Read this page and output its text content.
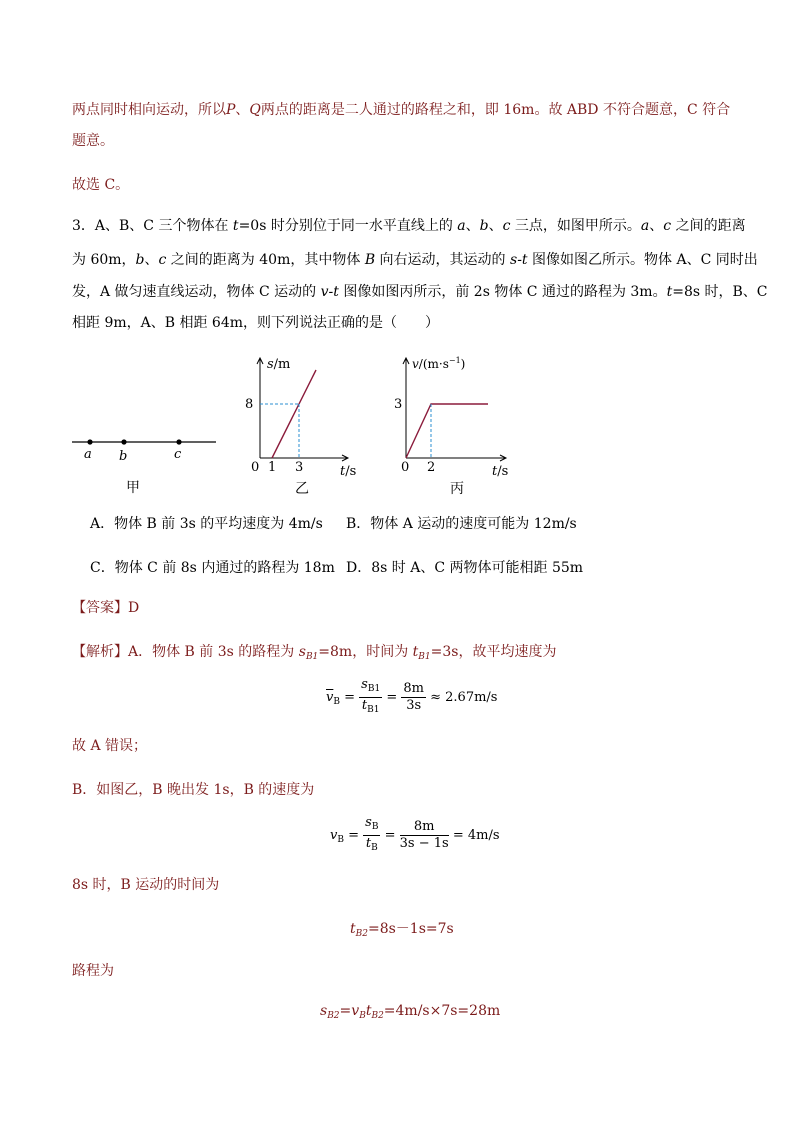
两点同时相向运动，所以P、Q两点的距离是二人通过的路程之和，即 16m。故 ABD 不符合题意，C 符合
题意。
故选 C。
3．A、B、C 三个物体在 t=0s 时分别位于同一水平直线上的 a、b、c 三点，如图甲所示。a、c 之间的距离
为 60m，b、c 之间的距离为 40m，其中物体 B 向右运动，其运动的 s-t 图像如图乙所示。物体 A、C 同时出
发，A 做匀速直线运动，物体 C 运动的 v-t 图像如图丙所示，前 2s 物体 C 通过的路程为 3m。t=8s 时，B、C
相距 9m，A、B 相距 64m，则下列说法正确的是（　　）
a b	c
甲
s/m
8
0 1 3	t/s
乙
$v/(m\cdot s^{-1})$
3
0 2	t/s
丙
A．物体 B 前 3s 的平均速度为 4m/s B．物体 A 运动的速度可能为 12m/s
C．物体 C 前 8s 内通过的路程为 18m D．8s 时 A、C 两物体可能相距 55m
【答案】D
【解析】A．物体 B 前 3s 的路程为 $s_{B1}=8m$，时间为 $t_{B1}=3s$，故平均速度为
$\overline{v}_B = \frac{s_{B1}}{t_{B1}} = \frac{8m}{3s} \approx 2.67m/s$
故 A 错误；
B．如图乙，B 晚出发 1s，B 的速度为
$v_B = \frac{s_B}{t_B} = \frac{8m}{3s - 1s} = 4m/s$
8s 时，B 运动的时间为
$t_{B2}=8s-1s=7s$
路程为
$s_{B2}=v_Bt_{B2}=4m/s\times 7s=28m$
